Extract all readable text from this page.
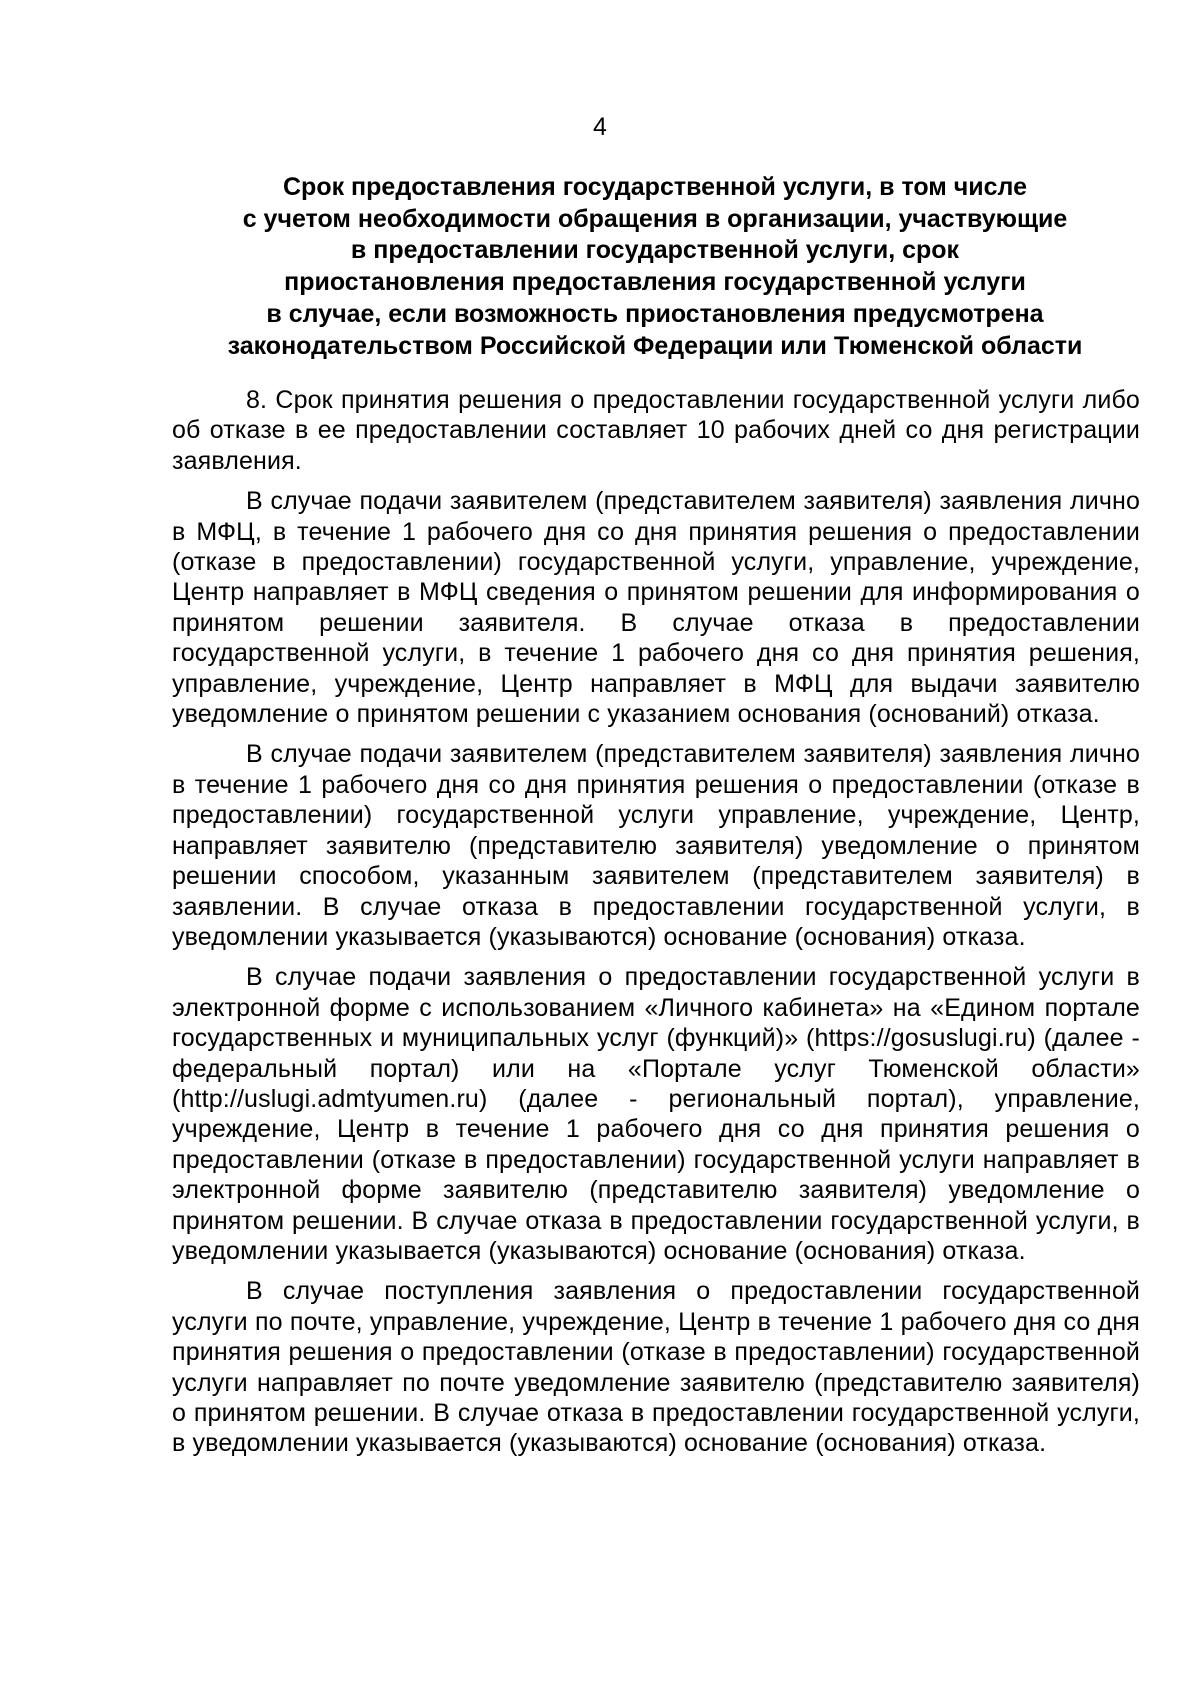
4
Срок предоставления государственной услуги, в том числе
с учетом необходимости обращения в организации, участвующие
в предоставлении государственной услуги, срок
приостановления предоставления государственной услуги
в случае, если возможность приостановления предусмотрена
законодательством Российской Федерации или Тюменской области

8. Срок принятия решения о предоставлении государственной услуги либо об отказе в ее предоставлении составляет 10 рабочих дней со дня регистрации заявления.

В случае подачи заявителем (представителем заявителя) заявления лично в МФЦ, в течение 1 рабочего дня со дня принятия решения о предоставлении (отказе в предоставлении) государственной услуги, управление, учреждение, Центр направляет в МФЦ сведения о принятом решении для информирования о принятом решении заявителя. В случае отказа в предоставлении государственной услуги, в течение 1 рабочего дня со дня принятия решения, управление, учреждение, Центр направляет в МФЦ для выдачи заявителю уведомление о принятом решении с указанием основания (оснований) отказа.

В случае подачи заявителем (представителем заявителя) заявления лично в течение 1 рабочего дня со дня принятия решения о предоставлении (отказе в предоставлении) государственной услуги управление, учреждение, Центр, направляет заявителю (представителю заявителя) уведомление о принятом решении способом, указанным заявителем (представителем заявителя) в заявлении. В случае отказа в предоставлении государственной услуги, в уведомлении указывается (указываются) основание (основания) отказа.

В случае подачи заявления о предоставлении государственной услуги в электронной форме с использованием «Личного кабинета» на «Едином портале государственных и муниципальных услуг (функций)» (https://gosuslugi.ru) (далее - федеральный портал) или на «Портале услуг Тюменской области» (http://uslugi.admtyumen.ru) (далее - региональный портал), управление, учреждение, Центр в течение 1 рабочего дня со дня принятия решения о предоставлении (отказе в предоставлении) государственной услуги направляет в электронной форме заявителю (представителю заявителя) уведомление о принятом решении. В случае отказа в предоставлении государственной услуги, в уведомлении указывается (указываются) основание (основания) отказа.

В случае поступления заявления о предоставлении государственной услуги по почте, управление, учреждение, Центр в течение 1 рабочего дня со дня принятия решения о предоставлении (отказе в предоставлении) государственной услуги направляет по почте уведомление заявителю (представителю заявителя) о принятом решении. В случае отказа в предоставлении государственной услуги, в уведомлении указывается (указываются) основание (основания) отказа.
